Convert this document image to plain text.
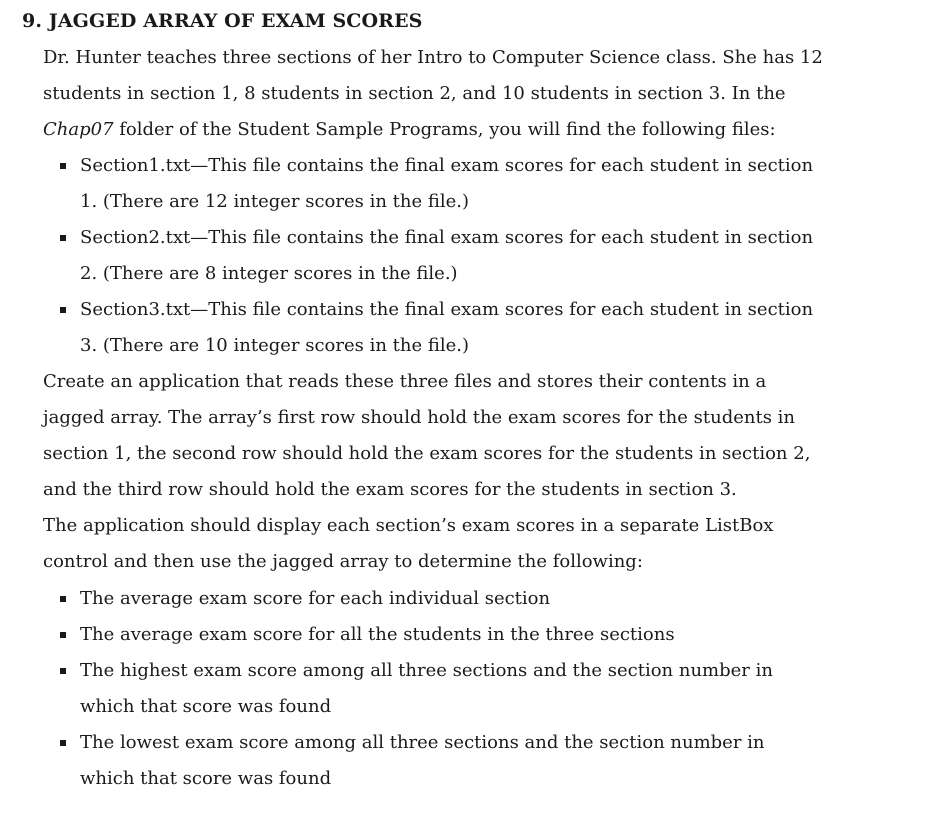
9. JAGGED ARRAY OF EXAM SCORES
Dr. Hunter teaches three sections of her Intro to Computer Science class. She has 12
students in section 1, 8 students in section 2, and 10 students in section 3. In the
Chap07 folder of the Student Sample Programs, you will find the following files:
Section1.txt—This file contains the final exam scores for each student in section
1. (There are 12 integer scores in the file.)
Section2.txt—This file contains the final exam scores for each student in section
2. (There are 8 integer scores in the file.)
Section3.txt—This file contains the final exam scores for each student in section
3. (There are 10 integer scores in the file.)
Create an application that reads these three files and stores their contents in a
jagged array. The array’s first row should hold the exam scores for the students in
section 1, the second row should hold the exam scores for the students in section 2,
and the third row should hold the exam scores for the students in section 3.
The application should display each section’s exam scores in a separate ListBox
control and then use the jagged array to determine the following:
The average exam score for each individual section
The average exam score for all the students in the three sections
The highest exam score among all three sections and the section number in
which that score was found
The lowest exam score among all three sections and the section number in
which that score was found
